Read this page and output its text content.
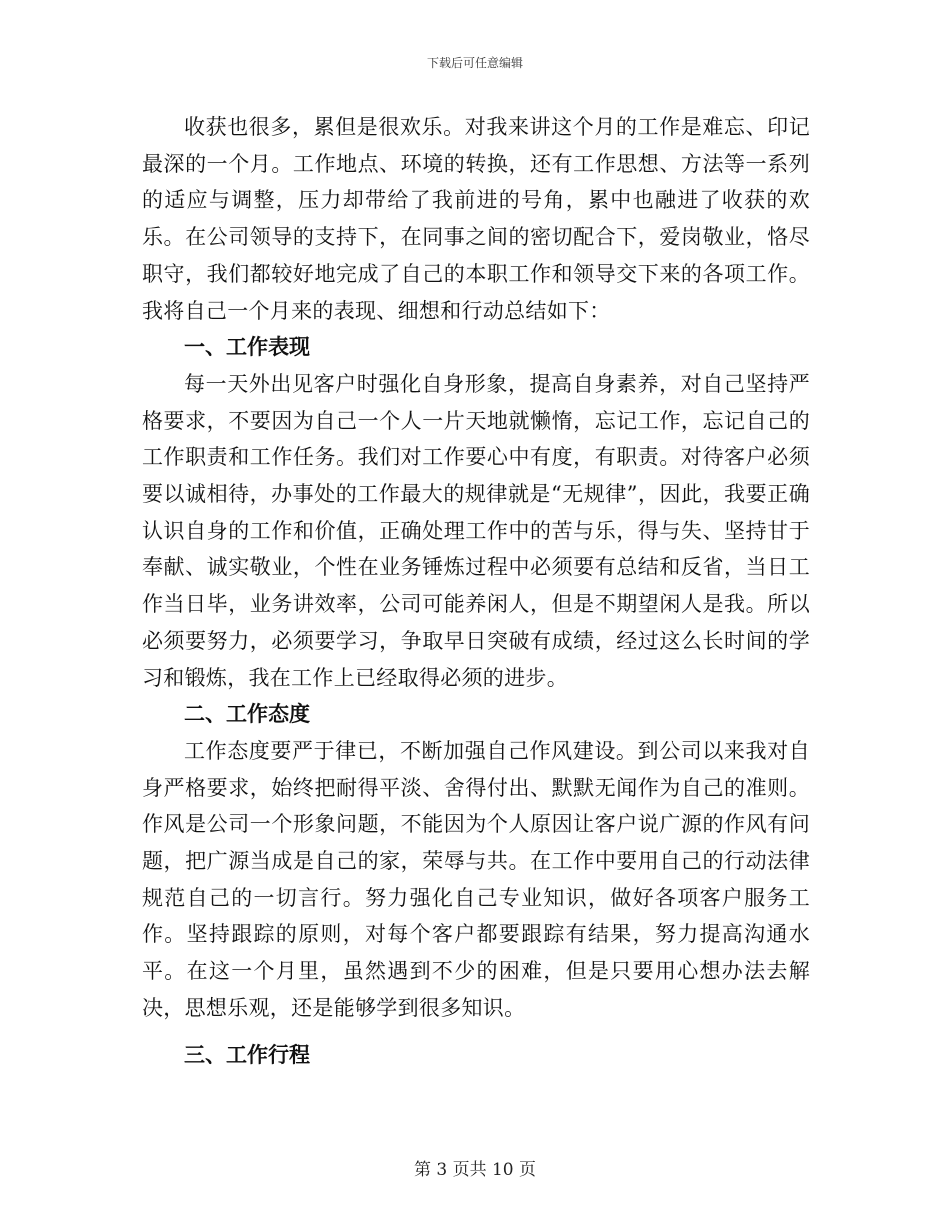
下载后可任意编辑

收获也很多，累但是很欢乐。对我来讲这个月的工作是难忘、印记最深的一个月。工作地点、环境的转换，还有工作思想、方法等一系列的适应与调整，压力却带给了我前进的号角，累中也融进了收获的欢乐。在公司领导的支持下，在同事之间的密切配合下，爱岗敬业，恪尽职守，我们都较好地完成了自己的本职工作和领导交下来的各项工作。我将自己一个月来的表现、细想和行动总结如下：

一、工作表现

每一天外出见客户时强化自身形象，提高自身素养，对自己坚持严格要求，不要因为自己一个人一片天地就懒惰，忘记工作，忘记自己的工作职责和工作任务。我们对工作要心中有度，有职责。对待客户必须要以诚相待，办事处的工作最大的规律就是“无规律”，因此，我要正确认识自身的工作和价值，正确处理工作中的苦与乐，得与失、坚持甘于奉献、诚实敬业，个性在业务锤炼过程中必须要有总结和反省，当日工作当日毕，业务讲效率，公司可能养闲人，但是不期望闲人是我。所以必须要努力，必须要学习，争取早日突破有成绩，经过这么长时间的学习和锻炼，我在工作上已经取得必须的进步。

二、工作态度

工作态度要严于律已，不断加强自己作风建设。到公司以来我对自身严格要求，始终把耐得平淡、舍得付出、默默无闻作为自己的准则。作风是公司一个形象问题，不能因为个人原因让客户说广源的作风有问题，把广源当成是自己的家，荣辱与共。在工作中要用自己的行动法律规范自己的一切言行。努力强化自己专业知识，做好各项客户服务工作。坚持跟踪的原则，对每个客户都要跟踪有结果，努力提高沟通水平。在这一个月里，虽然遇到不少的困难，但是只要用心想办法去解决，思想乐观，还是能够学到很多知识。

三、工作行程
第 3 页共 10 页
